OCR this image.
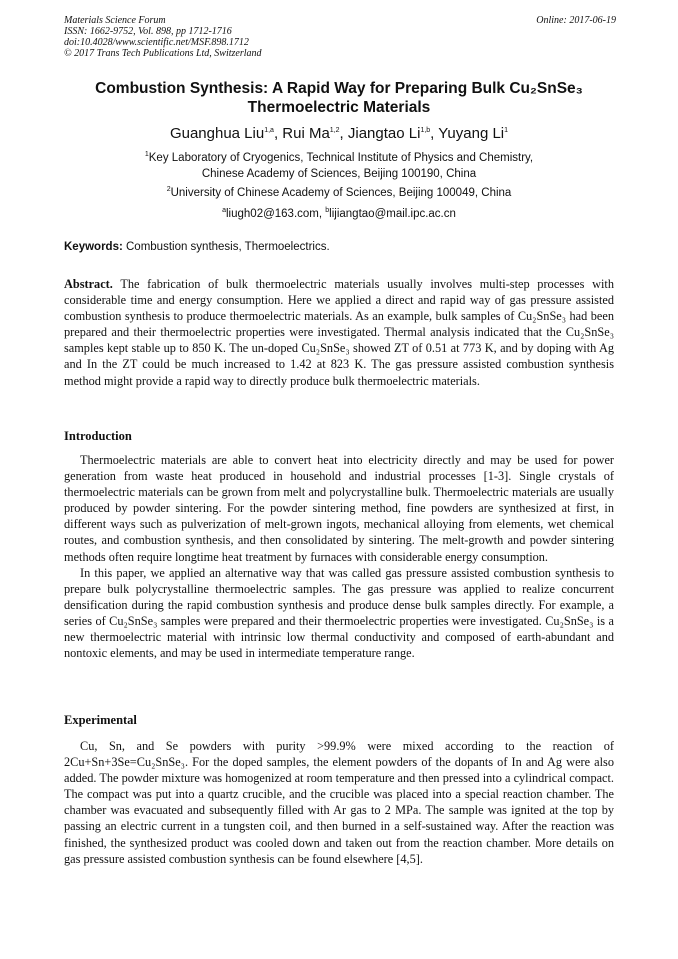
Materials Science Forum
ISSN: 1662-9752, Vol. 898, pp 1712-1716
doi:10.4028/www.scientific.net/MSF.898.1712
© 2017 Trans Tech Publications Ltd, Switzerland
Online: 2017-06-19
Combustion Synthesis: A Rapid Way for Preparing Bulk Cu₂SnSe₃
Thermoelectric Materials
Guanghua Liu$^{1,a}$, Rui Ma$^{1,2}$, Jiangtao Li$^{1,b}$, Yuyang Li$^1$
$^1$Key Laboratory of Cryogenics, Technical Institute of Physics and Chemistry,
Chinese Academy of Sciences, Beijing 100190, China
$^2$University of Chinese Academy of Sciences, Beijing 100049, China
$^a$liugh02@163.com, $^b$lijiangtao@mail.ipc.ac.cn
Keywords: Combustion synthesis, Thermoelectrics.

Abstract. The fabrication of bulk thermoelectric materials usually involves multi-step processes with considerable time and energy consumption. Here we applied a direct and rapid way of gas pressure assisted combustion synthesis to produce thermoelectric materials. As an example, bulk samples of Cu₂SnSe₃ had been prepared and their thermoelectric properties were investigated. Thermal analysis indicated that the Cu₂SnSe₃ samples kept stable up to 850 K. The un-doped Cu₂SnSe₃ showed ZT of 0.51 at 773 K, and by doping with Ag and In the ZT could be much increased to 1.42 at 823 K. The gas pressure assisted combustion synthesis method might provide a rapid way to directly produce bulk thermoelectric materials.

Introduction

Thermoelectric materials are able to convert heat into electricity directly and may be used for power generation from waste heat produced in household and industrial processes [1-3]. Single crystals of thermoelectric materials can be grown from melt and polycrystalline bulk. Thermoelectric materials are usually produced by powder sintering. For the powder sintering method, fine powders are synthesized at first, in different ways such as pulverization of melt-grown ingots, mechanical alloying from elements, wet chemical routes, and combustion synthesis, and then consolidated by sintering. The melt-growth and powder sintering methods often require longtime heat treatment by furnaces with considerable energy consumption.

In this paper, we applied an alternative way that was called gas pressure assisted combustion synthesis to prepare bulk polycrystalline thermoelectric samples. The gas pressure was applied to realize concurrent densification during the rapid combustion synthesis and produce dense bulk samples directly. For example, a series of Cu₂SnSe₃ samples were prepared and their thermoelectric properties were investigated. Cu₂SnSe₃ is a new thermoelectric material with intrinsic low thermal conductivity and composed of earth-abundant and nontoxic elements, and may be used in intermediate temperature range.

Experimental

Cu, Sn, and Se powders with purity >99.9% were mixed according to the reaction of 2Cu+Sn+3Se=Cu₂SnSe₃. For the doped samples, the element powders of the dopants of In and Ag were also added. The powder mixture was homogenized at room temperature and then pressed into a cylindrical compact. The compact was put into a quartz crucible, and the crucible was placed into a special reaction chamber. The chamber was evacuated and subsequently filled with Ar gas to 2 MPa. The sample was ignited at the top by passing an electric current in a tungsten coil, and then burned in a self-sustained way. After the reaction was finished, the synthesized product was cooled down and taken out from the reaction chamber. More details on gas pressure assisted combustion synthesis can be found elsewhere [4,5].
